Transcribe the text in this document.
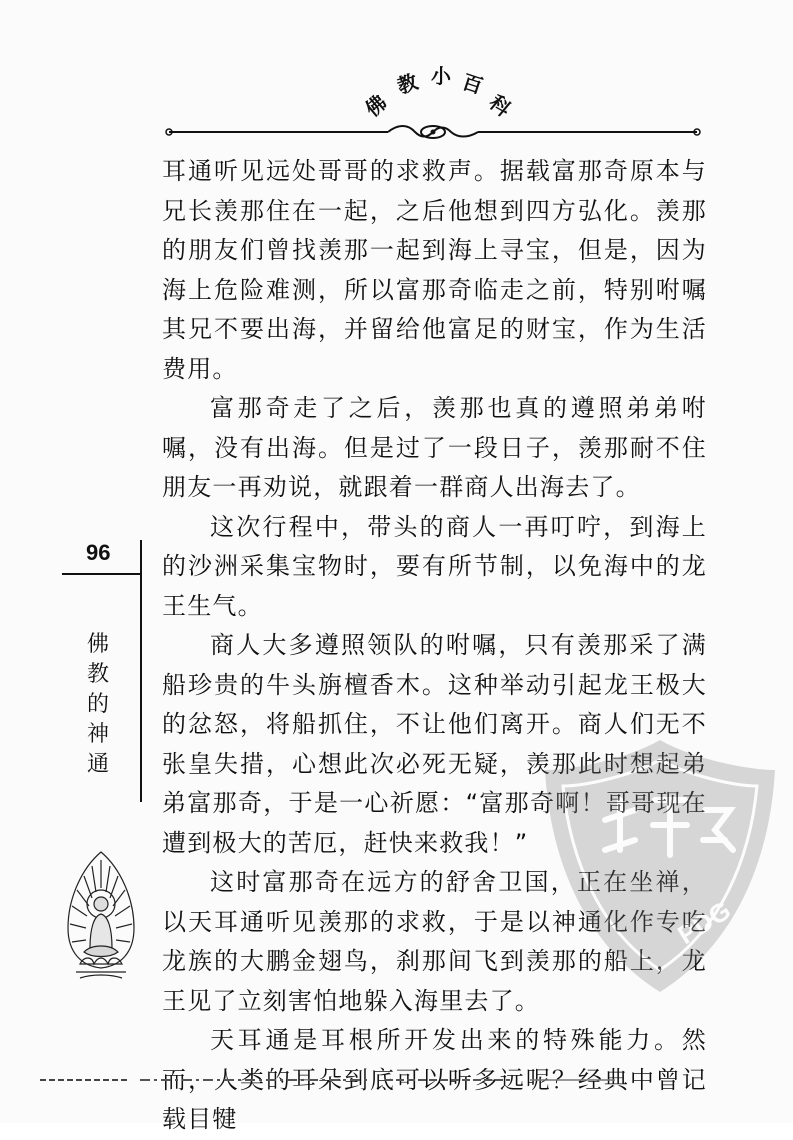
佛
教 小 百
科

耳通听见远处哥哥的求救声。据载富那奇原本与兄长羡那住在一起，之后他想到四方弘化。羡那的朋友们曾找羡那一起到海上寻宝，但是，因为海上危险难测，所以富那奇临走之前，特别咐嘱其兄不要出海，并留给他富足的财宝，作为生活费用。

富那奇走了之后，羡那也真的遵照弟弟咐嘱，没有出海。但是过了一段日子，羡那耐不住朋友一再劝说，就跟着一群商人出海去了。

这次行程中，带头的商人一再叮咛，到海上的沙洲采集宝物时，要有所节制，以免海中的龙王生气。

商人大多遵照领队的咐嘱，只有羡那采了满船珍贵的牛头旃檀香木。这种举动引起龙王极大的忿怒，将船抓住，不让他们离开。商人们无不张皇失措，心想此次必死无疑，羡那此时想起弟弟富那奇，于是一心祈愿：“富那奇啊！哥哥现在遭到极大的苦厄，赶快来救我！”

这时富那奇在远方的舒舍卫国，正在坐禅，以天耳通听见羡那的求救，于是以神通化作专吃龙族的大鹏金翅鸟，刹那间飞到羡那的船上，龙王见了立刻害怕地躲入海里去了。

天耳通是耳根所开发出来的特殊能力。然而，人类的耳朵到底可以听多远呢？经典中曾记载目犍

96
佛
教
的
神
通
PDG
